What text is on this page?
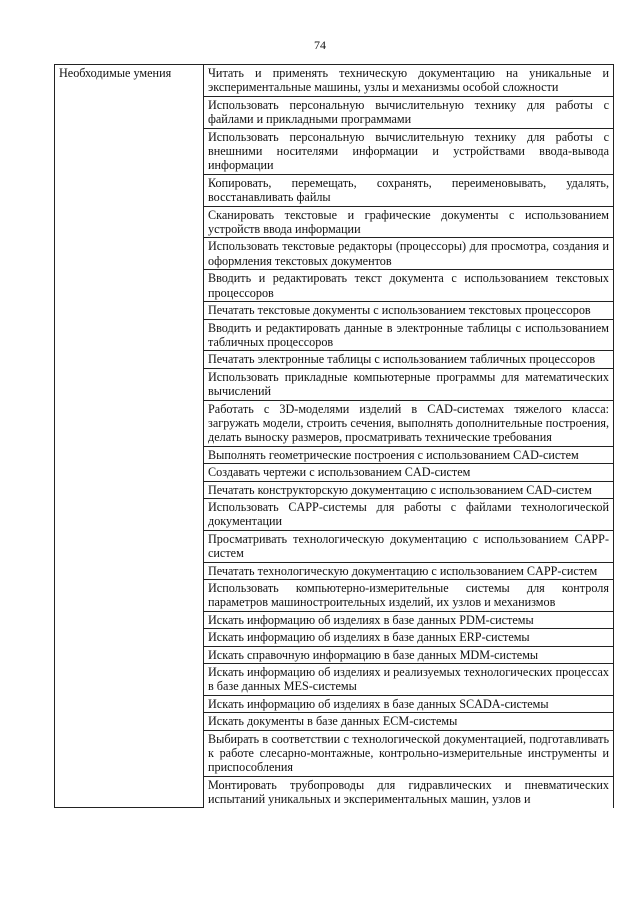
74
Необходимые умения	Читать и применять техническую документацию на уникальные и экспериментальные машины, узлы и механизмы особой сложности
Использовать персональную вычислительную технику для работы с файлами и прикладными программами
Использовать персональную вычислительную технику для работы с внешними носителями информации и устройствами ввода-вывода информации
Копировать, перемещать, сохранять, переименовывать, удалять, восстанавливать файлы
Сканировать текстовые и графические документы с использованием устройств ввода информации
Использовать текстовые редакторы (процессоры) для просмотра, создания и оформления текстовых документов
Вводить и редактировать текст документа с использованием текстовых процессоров
Печатать текстовые документы с использованием текстовых процессоров
Вводить и редактировать данные в электронные таблицы с использованием табличных процессоров
Печатать электронные таблицы с использованием табличных процессоров
Использовать прикладные компьютерные программы для математических вычислений
Работать с 3D-моделями изделий в CAD-системах тяжелого класса: загружать модели, строить сечения, выполнять дополнительные построения, делать выноску размеров, просматривать технические требования
Выполнять геометрические построения с использованием CAD-систем
Создавать чертежи с использованием CAD-систем
Печатать конструкторскую документацию с использованием CAD-систем
Использовать CAPP-системы для работы с файлами технологической документации
Просматривать технологическую документацию с использованием CAPP-систем
Печатать технологическую документацию с использованием CAPP-систем
Использовать компьютерно-измерительные системы для контроля параметров машиностроительных изделий, их узлов и механизмов
Искать информацию об изделиях в базе данных PDM-системы
Искать информацию об изделиях в базе данных ERP-системы
Искать справочную информацию в базе данных MDM-системы
Искать информацию об изделиях и реализуемых технологических процессах в базе данных MES-системы
Искать информацию об изделиях в базе данных SCADA-системы
Искать документы в базе данных ECM-системы
Выбирать в соответствии с технологической документацией, подготавливать к работе слесарно-монтажные, контрольно-измерительные инструменты и приспособления
Монтировать трубопроводы для гидравлических и пневматических испытаний уникальных и экспериментальных машин, узлов и
